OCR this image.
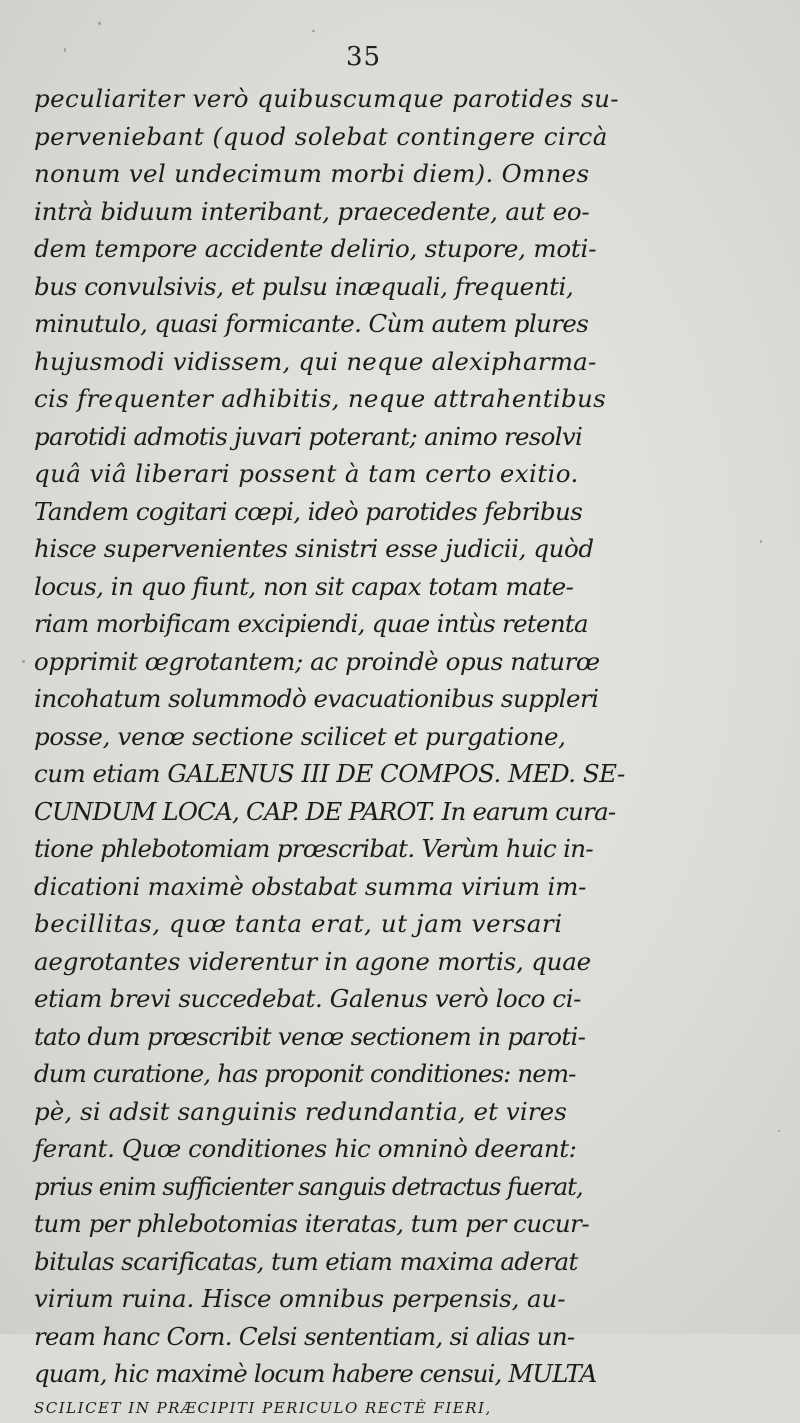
35
peculiariter verò quibuscumque parotides su-
perveniebant (quod solebat contingere circà
nonum vel undecimum morbi diem). Omnes
intrà biduum interibant, praecedente, aut eo-
dem tempore accidente delirio, stupore, moti-
bus convulsivis, et pulsu inæquali, frequenti,
minutulo, quasi formicante. Cùm autem plures
hujusmodi vidissem, qui neque alexipharma-
cis frequenter adhibitis, neque attrahentibus
parotidi admotis juvari poterant; animo resolvi
quâ viâ liberari possent à tam certo exitio.
Tandem cogitari cœpi, ideò parotides febribus
hisce supervenientes sinistri esse judicii, quòd
locus, in quo fiunt, non sit capax totam mate-
riam morbificam excipiendi, quae intùs retenta
opprimit œgrotantem; ac proindè opus naturœ
incohatum solummodò evacuationibus suppleri
posse, venœ sectione scilicet et purgatione,
cum etiam GALENUS III DE COMPOS. MED. SE-
CUNDUM LOCA, CAP. DE PAROT. In earum cura-
tione phlebotomiam prœscribat. Verùm huic in-
dicationi maximè obstabat summa virium im-
becillitas, quœ tanta erat, ut jam versari
aegrotantes viderentur in agone mortis, quae
etiam brevi succedebat. Galenus verò loco ci-
tato dum prœscribit venœ sectionem in paroti-
dum curatione, has proponit conditiones: nem-
pè, si adsit sanguinis redundantia, et vires
ferant. Quœ conditiones hic omninò deerant:
prius enim sufficienter sanguis detractus fuerat,
tum per phlebotomias iteratas, tum per cucur-
bitulas scarificatas, tum etiam maxima aderat
virium ruina. Hisce omnibus perpensis, au-
ream hanc Corn. Celsi sententiam, si alias un-
quam, hic maximè locum habere censui, MULTA
SCILICET IN PRÆCIPITI PERICULO RECTÈ FIERI,
